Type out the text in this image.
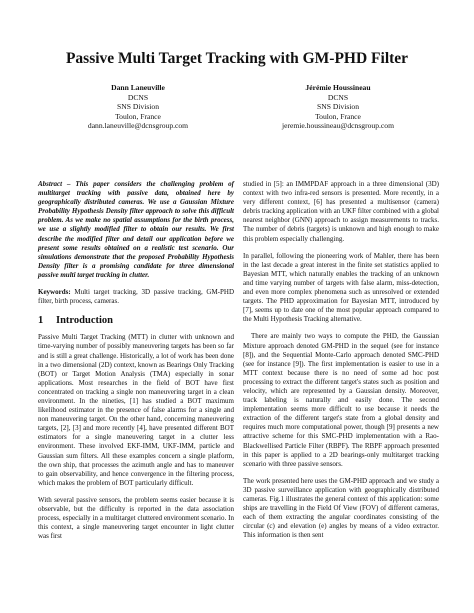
Passive Multi Target Tracking with GM-PHD Filter
Dann Laneuville
DCNS
SNS Division
Toulon, France
dann.laneuville@dcnsgroup.com
Jérémie Houssineau
DCNS
SNS Division
Toulon, France
jeremie.houssineau@dcnsgroup.com

Abstract – This paper considers the challenging problem of multitarget tracking with passive data, obtained here by geographically distributed cameras. We use a Gaussian Mixture Probability Hypothesis Density filter approach to solve this difficult problem. As we make no spatial assumptions for the birth process, we use a slightly modified filter to obtain our results. We first describe the modified filter and detail our application before we present some results obtained on a realistic test scenario. Our simulations demonstrate that the proposed Probability Hypothesis Density filter is a promising candidate for three dimensional passive multi target tracking in clutter.

Keywords: Multi target tracking, 3D passive tracking, GM-PHD filter, birth process, cameras.

1 Introduction

Passive Multi Target Tracking (MTT) in clutter with unknown and time-varying number of possibly maneuvering targets has been so far and is still a great challenge. Historically, a lot of work has been done in a two dimensional (2D) context, known as Bearings Only Tracking (BOT) or Target Motion Analysis (TMA) especially in sonar applications. Most researches in the field of BOT have first concentrated on tracking a single non maneuvering target in a clean environment. In the nineties, [1] has studied a BOT maximum likelihood estimator in the presence of false alarms for a single and non maneuvering target. On the other hand, concerning maneuvering targets, [2], [3] and more recently [4], have presented different BOT estimators for a single maneuvering target in a clutter less environment. These involved EKF-IMM, UKF-IMM, particle and Gaussian sum filters. All these examples concern a single platform, the own ship, that processes the azimuth angle and has to maneuver to gain observability, and hence convergence in the filtering process, which makes the problem of BOT particularly difficult.

With several passive sensors, the problem seems easier because it is observable, but the difficulty is reported in the data association process, especially in a multitarget cluttered environment scenario. In this context, a single maneuvering target encounter in light clutter was first

studied in [5]: an IMMPDAF approach in a three dimensional (3D) context with two infra-red sensors is presented. More recently, in a very different context, [6] has presented a multisensor (camera) debris tracking application with an UKF filter combined with a global nearest neighbor (GNN) approach to assign measurements to tracks. The number of debris (targets) is unknown and high enough to make this problem especially challenging.

In parallel, following the pioneering work of Mahler, there has been in the last decade a great interest in the finite set statistics applied to Bayesian MTT, which naturally enables the tracking of an unknown and time varying number of targets with false alarm, miss-detection, and even more complex phenomena such as unresolved or extended targets. The PHD approximation for Bayesian MTT, introduced by [7], seems up to date one of the most popular approach compared to the Multi Hypothesis Tracking alternative.

There are mainly two ways to compute the PHD, the Gaussian Mixture approach denoted GM-PHD in the sequel (see for instance [8]), and the Sequential Monte-Carlo approach denoted SMC-PHD (see for instance [9]). The first implementation is easier to use in a MTT context because there is no need of some ad hoc post processing to extract the different target's states such as position and velocity, which are represented by a Gaussian density. Moreover, track labeling is naturally and easily done. The second implementation seems more difficult to use because it needs the extraction of the different target's state from a global density and requires much more computational power, though [9] presents a new attractive scheme for this SMC-PHD implementation with a Rao-Blackwellised Particle Filter (RBPF). The RBPF approach presented in this paper is applied to a 2D bearings-only multitarget tracking scenario with three passive sensors.

The work presented here uses the GM-PHD approach and we study a 3D passive surveillance application with geographically distributed cameras. Fig.1 illustrates the general context of this application: some ships are travelling in the Field Of View (FOV) of different cameras, each of them extracting the angular coordinates consisting of the circular (c) and elevation (e) angles by means of a video extractor. This information is then sent
